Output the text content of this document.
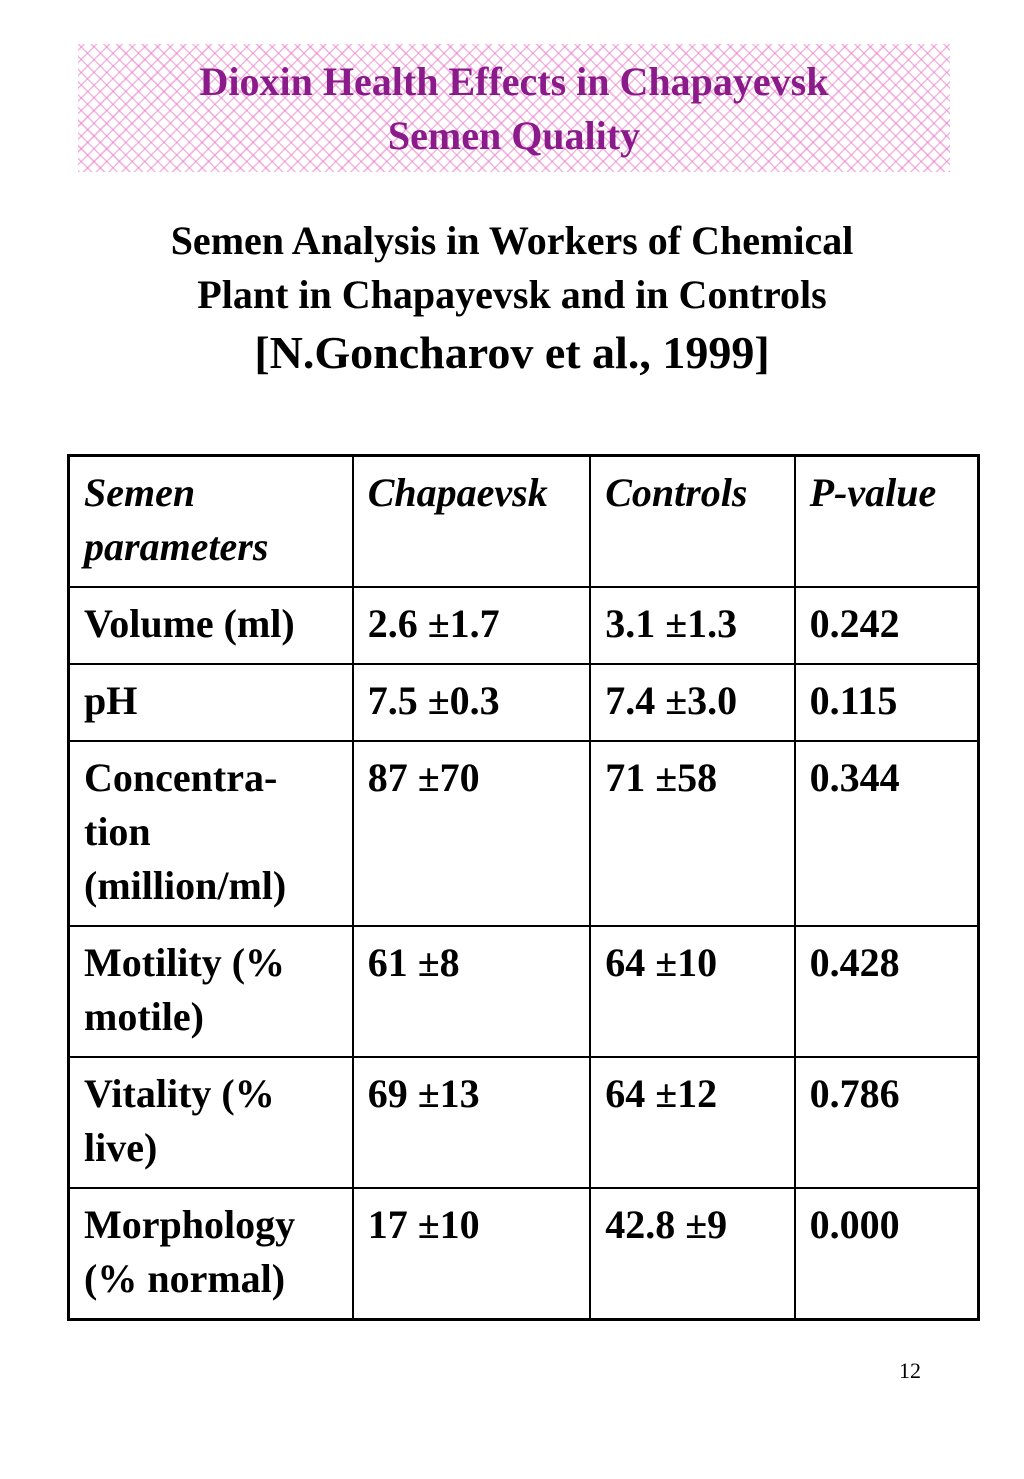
Dioxin Health Effects in Chapayevsk
Semen Quality
Semen Analysis in Workers of Chemical
Plant in Chapayevsk and in Controls
[N.Goncharov et al., 1999]
Semen parameters	Chapaevsk	Controls	P-value
Volume (ml)	2.6 ±1.7	3.1 ±1.3	0.242
pH	7.5 ±0.3	7.4 ±3.0	0.115
Concentra-tion (million/ml)	87 ±70	71 ±58	0.344
Motility (% motile)	61 ±8	64 ±10	0.428
Vitality (% live)	69 ±13	64 ±12	0.786
Morphology (% normal)	17 ±10	42.8 ±9	0.000
12
